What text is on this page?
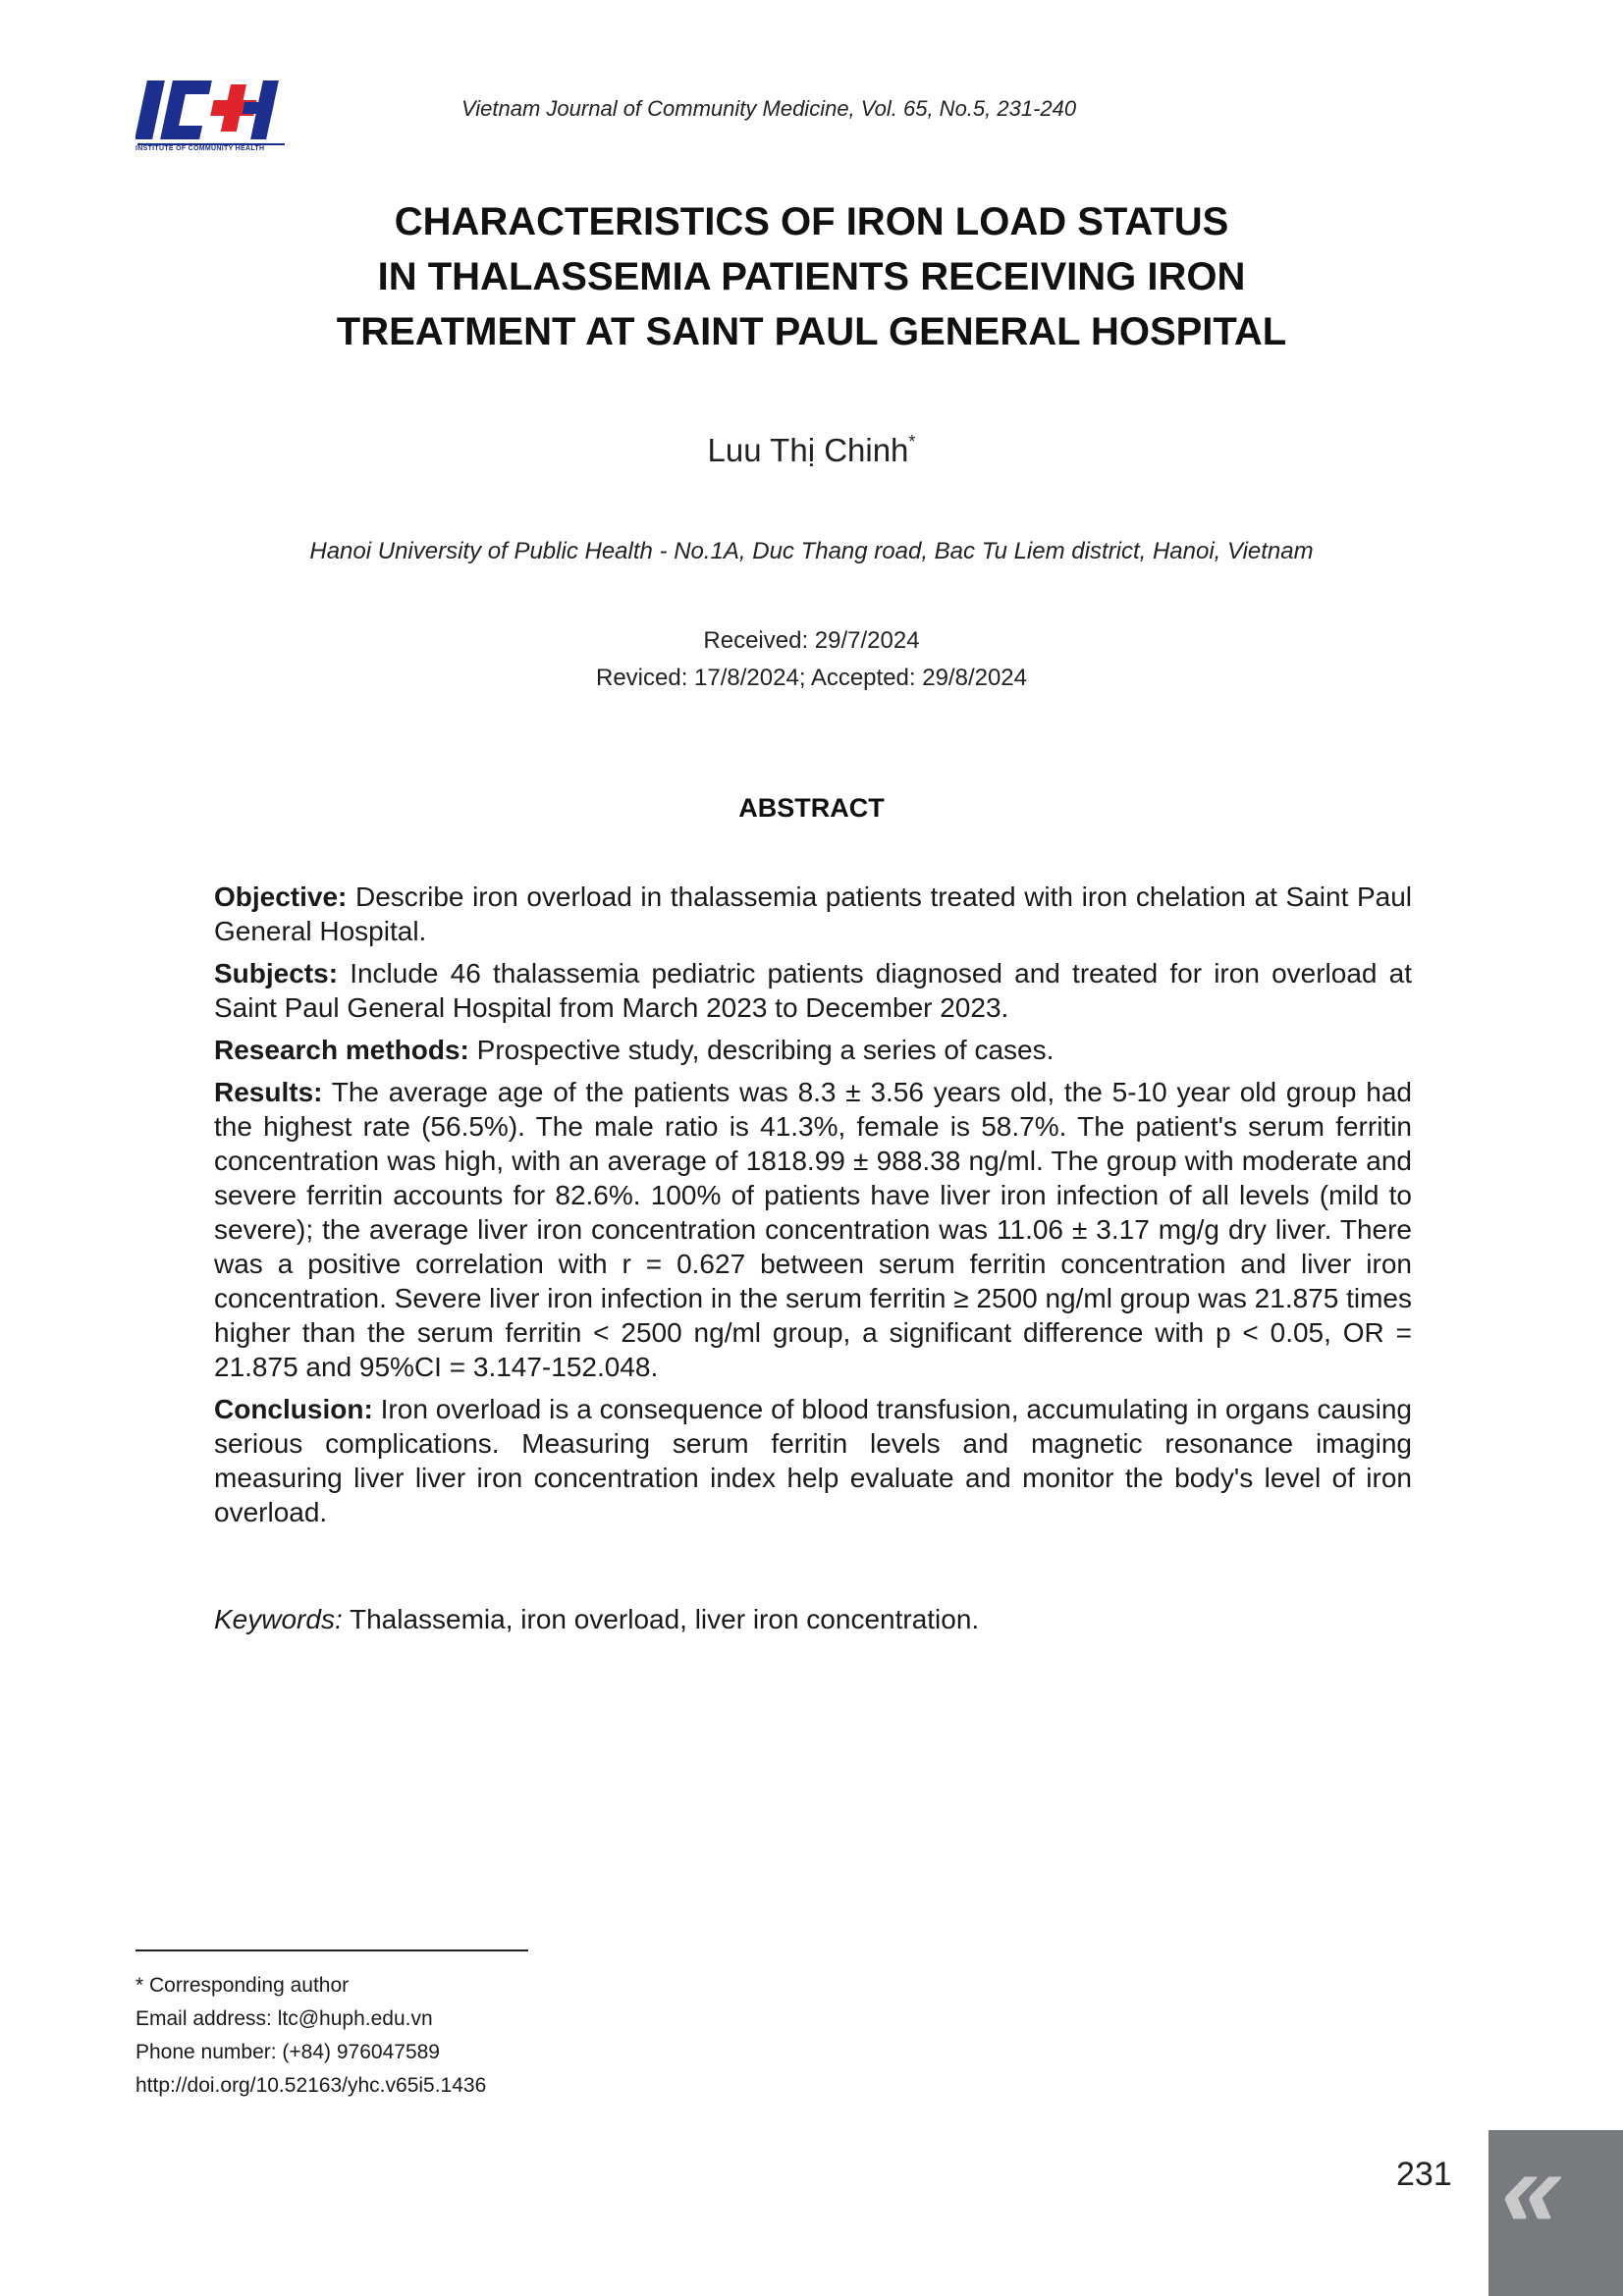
INSTITUTE OF COMMUNITY HEALTH
Vietnam Journal of Community Medicine, Vol. 65, No.5, 231-240
CHARACTERISTICS OF IRON LOAD STATUS
IN THALASSEMIA PATIENTS RECEIVING IRON
TREATMENT AT SAINT PAUL GENERAL HOSPITAL
Luu Thị Chinh*
Hanoi University of Public Health - No.1A, Duc Thang road, Bac Tu Liem district, Hanoi, Vietnam
Received: 29/7/2024
Reviced: 17/8/2024; Accepted: 29/8/2024
ABSTRACT

Objective: Describe iron overload in thalassemia patients treated with iron chelation at Saint Paul General Hospital.

Subjects: Include 46 thalassemia pediatric patients diagnosed and treated for iron overload at Saint Paul General Hospital from March 2023 to December 2023.

Research methods: Prospective study, describing a series of cases.

Results: The average age of the patients was 8.3 ± 3.56 years old, the 5-10 year old group had the highest rate (56.5%). The male ratio is 41.3%, female is 58.7%. The patient's serum ferritin concentration was high, with an average of 1818.99 ± 988.38 ng/ml. The group with moderate and severe ferritin accounts for 82.6%. 100% of patients have liver iron infection of all levels (mild to severe); the average liver iron concentration concentration was 11.06 ± 3.17 mg/g dry liver. There was a positive correlation with r = 0.627 between serum ferritin concentration and liver iron concentration. Severe liver iron infection in the serum ferritin ≥ 2500 ng/ml group was 21.875 times higher than the serum ferritin < 2500 ng/ml group, a significant difference with p < 0.05, OR = 21.875 and 95%CI = 3.147-152.048.

Conclusion: Iron overload is a consequence of blood transfusion, accumulating in organs causing serious complications. Measuring serum ferritin levels and magnetic resonance imaging measuring liver liver iron concentration index help evaluate and monitor the body's level of iron overload.

Keywords: Thalassemia, iron overload, liver iron concentration.
* Corresponding author
Email address: ltc@huph.edu.vn
Phone number: (+84) 976047589
http://doi.org/10.52163/yhc.v65i5.1436
231 «
